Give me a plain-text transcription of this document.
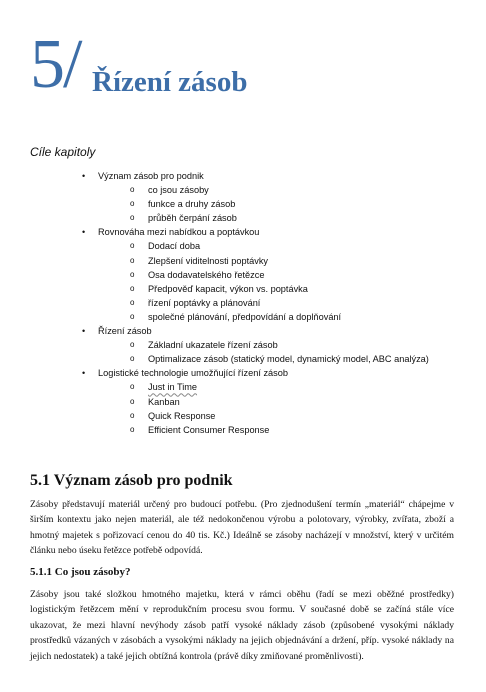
5/ Řízení zásob
Cíle kapitoly
• Význam zásob pro podnik
o co jsou zásoby
o funkce a druhy zásob
o průběh čerpání zásob
• Rovnováha mezi nabídkou a poptávkou
o Dodací doba
o Zlepšení viditelnosti poptávky
o Osa dodavatelského řetězce
o Předpověď kapacit, výkon vs. poptávka
o řízení poptávky a plánování
o společné plánování, předpovídání a doplňování
• Řízení zásob
o Základní ukazatele řízení zásob
o Optimalizace zásob (statický model, dynamický model, ABC analýza)
• Logistické technologie umožňující řízení zásob
o Just in Time
o Kanban
o Quick Response
o Efficient Consumer Response
5.1 Význam zásob pro podnik
Zásoby představují materiál určený pro budoucí potřebu. (Pro zjednodušení termín „materiál“ chápejme v širším kontextu jako nejen materiál, ale též nedokončenou výrobu a polotovary, výrobky, zvířata, zboží a hmotný majetek s pořizovací cenou do 40 tis. Kč.) Ideálně se zásoby nacházejí v množství, který v určitém článku nebo úseku řetězce potřebě odpovídá.
5.1.1 Co jsou zásoby?
Zásoby jsou také složkou hmotného majetku, která v rámci oběhu (řadí se mezi oběžné prostředky) logistickým řetězcem mění v reprodukčním procesu svou formu. V současné době se začíná stále více ukazovat, že mezi hlavní nevýhody zásob patří vysoké náklady zásob (způsobené vysokými náklady prostředků vázaných v zásobách a vysokými náklady na jejich objednávání a držení, příp. vysoké náklady na jejich nedostatek) a také jejich obtížná kontrola (právě díky zmiňované proměnlivosti).
